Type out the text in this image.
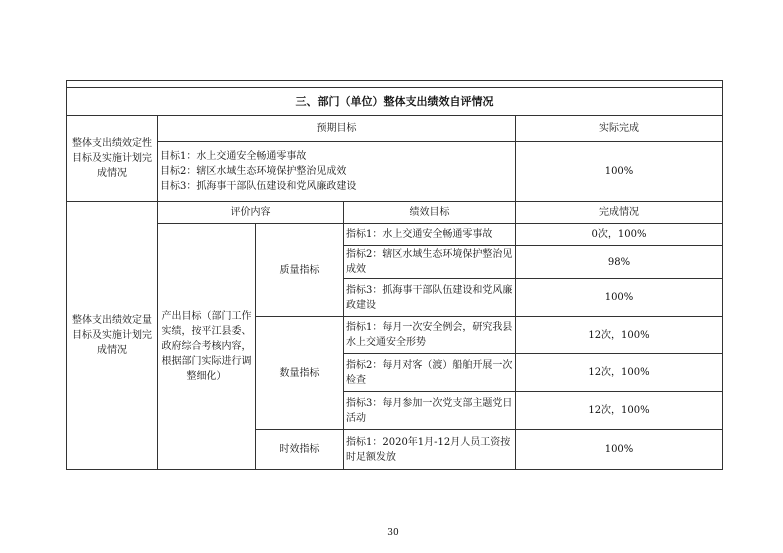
三、部门（单位）整体支出绩效自评情况				
整体支出绩效定性目标及实施计划完成情况	预期目标			实际完成

	目标1：水上交通安全畅通零事故
目标2：辖区水域生态环境保护整治见成效
目标3：抓海事干部队伍建设和党风廉政建设			100%
整体支出绩效定量目标及实施计划完成情况	评价内容		绩效目标	完成情况
	产出目标（部门工作实绩，按平江县委、政府综合考核内容，根据部门实际进行调整细化）	质量指标	指标1：水上交通安全畅通零事故	0次，100%
			指标2：辖区水域生态环境保护整治见成效	98%
			指标3：抓海事干部队伍建设和党风廉政建设	100%
		数量指标	指标1：每月一次安全例会，研究我县水上交通安全形势	12次，100%
			指标2：每月对客（渡）船舶开展一次检查	12次，100%
			指标3：每月参加一次党支部主题党日活动	12次，100%
		时效指标	指标1：2020年1月-12月人员工资按时足额发放	100%
30
